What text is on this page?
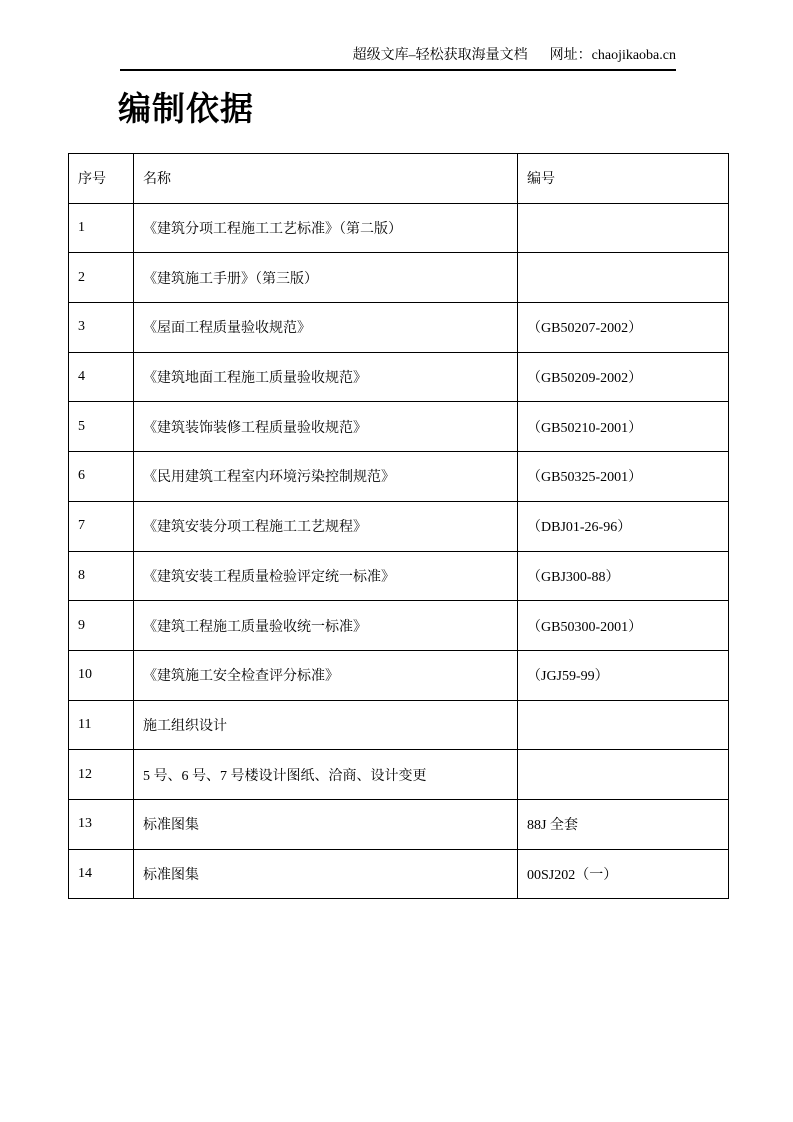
超级文库–轻松获取海量文档 网址：chaojikaoba.cn
编制依据
序号	名称	编号
1	《建筑分项工程施工工艺标准》（第二版）	
2	《建筑施工手册》（第三版）	
3	《屋面工程质量验收规范》	（GB50207-2002）
4	《建筑地面工程施工质量验收规范》	（GB50209-2002）
5	《建筑装饰装修工程质量验收规范》	（GB50210-2001）
6	《民用建筑工程室内环境污染控制规范》	（GB50325-2001）
7	《建筑安装分项工程施工工艺规程》	（DBJ01-26-96）
8	《建筑安装工程质量检验评定统一标准》	（GBJ300-88）
9	《建筑工程施工质量验收统一标准》	（GB50300-2001）
10	《建筑施工安全检查评分标准》	（JGJ59-99）
11	施工组织设计	
12	5 号、6 号、7 号楼设计图纸、洽商、设计变更	
13	标准图集	88J 全套
14	标准图集	00SJ202（一）
